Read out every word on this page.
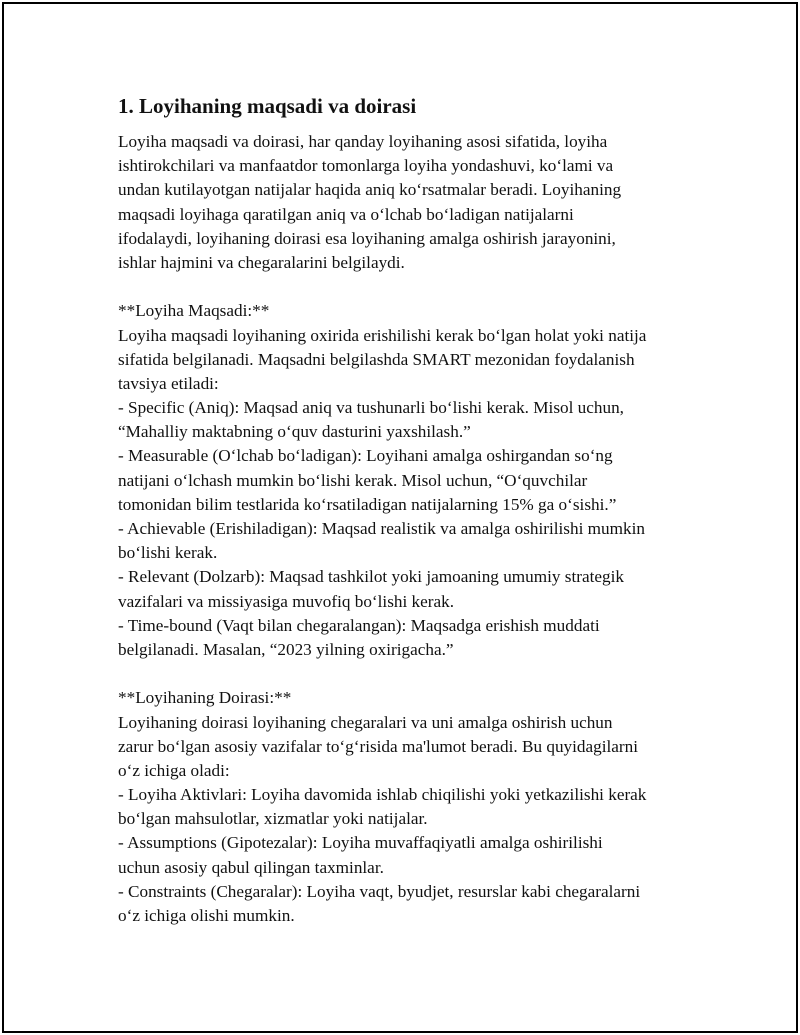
1. Loyihaning maqsadi va doirasi
Loyiha maqsadi va doirasi, har qanday loyihaning asosi sifatida, loyiha
ishtirokchilari va manfaatdor tomonlarga loyiha yondashuvi, ko‘lami va
undan kutilayotgan natijalar haqida aniq ko‘rsatmalar beradi. Loyihaning
maqsadi loyihaga qaratilgan aniq va o‘lchab bo‘ladigan natijalarni
ifodalaydi, loyihaning doirasi esa loyihaning amalga oshirish jarayonini,
ishlar hajmini va chegaralarini belgilaydi.
**Loyiha Maqsadi:**
Loyiha maqsadi loyihaning oxirida erishilishi kerak bo‘lgan holat yoki natija
sifatida belgilanadi. Maqsadni belgilashda SMART mezonidan foydalanish
tavsiya etiladi:
- Specific (Aniq): Maqsad aniq va tushunarli bo‘lishi kerak. Misol uchun,
“Mahalliy maktabning o‘quv dasturini yaxshilash.”
- Measurable (O‘lchab bo‘ladigan): Loyihani amalga oshirgandan so‘ng
natijani o‘lchash mumkin bo‘lishi kerak. Misol uchun, “O‘quvchilar
tomonidan bilim testlarida ko‘rsatiladigan natijalarning 15% ga o‘sishi.”
- Achievable (Erishiladigan): Maqsad realistik va amalga oshirilishi mumkin
bo‘lishi kerak.
- Relevant (Dolzarb): Maqsad tashkilot yoki jamoaning umumiy strategik
vazifalari va missiyasiga muvofiq bo‘lishi kerak.
- Time-bound (Vaqt bilan chegaralangan): Maqsadga erishish muddati
belgilanadi. Masalan, “2023 yilning oxirigacha.”
**Loyihaning Doirasi:**
Loyihaning doirasi loyihaning chegaralari va uni amalga oshirish uchun
zarur bo‘lgan asosiy vazifalar to‘g‘risida ma'lumot beradi. Bu quyidagilarni
o‘z ichiga oladi:
- Loyiha Aktivlari: Loyiha davomida ishlab chiqilishi yoki yetkazilishi kerak
bo‘lgan mahsulotlar, xizmatlar yoki natijalar.
- Assumptions (Gipotezalar): Loyiha muvaffaqiyatli amalga oshirilishi
uchun asosiy qabul qilingan taxminlar.
- Constraints (Chegaralar): Loyiha vaqt, byudjet, resurslar kabi chegaralarni
o‘z ichiga olishi mumkin.
